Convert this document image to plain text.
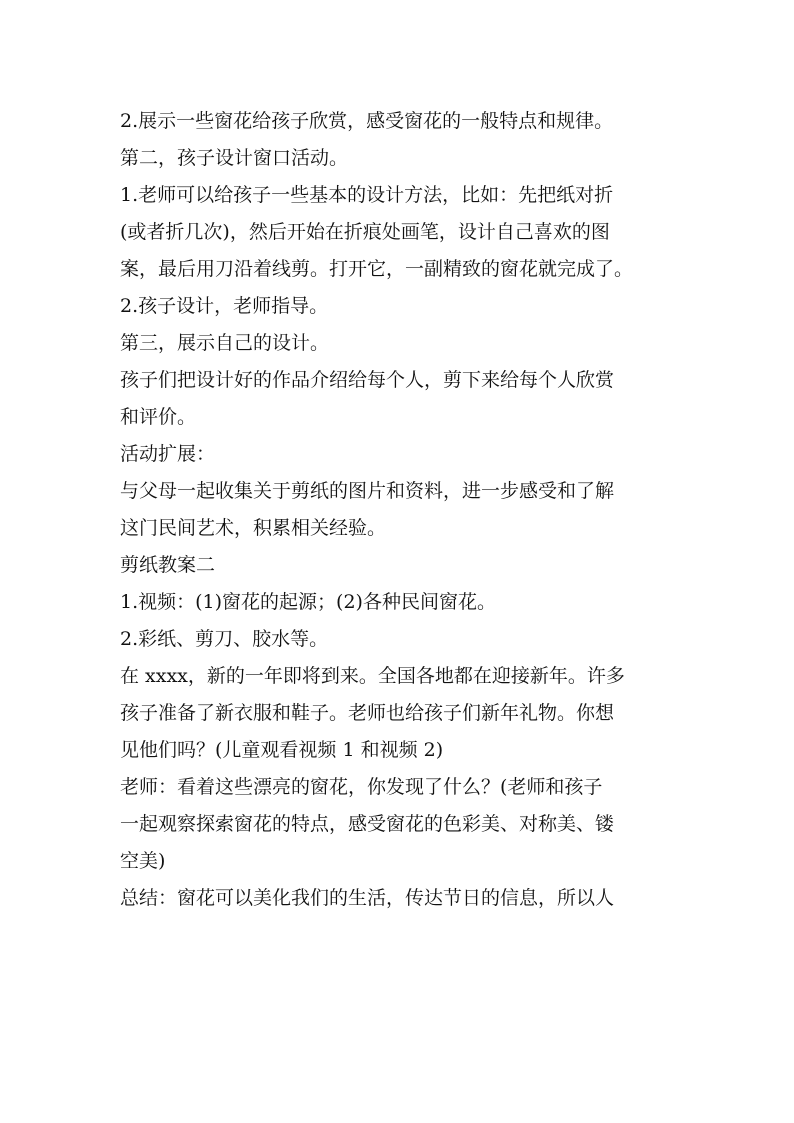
2.展示一些窗花给孩子欣赏，感受窗花的一般特点和规律。
第二，孩子设计窗口活动。
1.老师可以给孩子一些基本的设计方法，比如：先把纸对折
(或者折几次)，然后开始在折痕处画笔，设计自己喜欢的图
案，最后用刀沿着线剪。打开它，一副精致的窗花就完成了。
2.孩子设计，老师指导。
第三，展示自己的设计。
孩子们把设计好的作品介绍给每个人，剪下来给每个人欣赏
和评价。
活动扩展：
与父母一起收集关于剪纸的图片和资料，进一步感受和了解
这门民间艺术，积累相关经验。
剪纸教案二
1.视频：(1)窗花的起源；(2)各种民间窗花。
2.彩纸、剪刀、胶水等。
在 xxxx，新的一年即将到来。全国各地都在迎接新年。许多
孩子准备了新衣服和鞋子。老师也给孩子们新年礼物。你想
见他们吗？(儿童观看视频 1 和视频 2)
老师：看着这些漂亮的窗花，你发现了什么？(老师和孩子
一起观察探索窗花的特点，感受窗花的色彩美、对称美、镂
空美)
总结：窗花可以美化我们的生活，传达节日的信息，所以人
